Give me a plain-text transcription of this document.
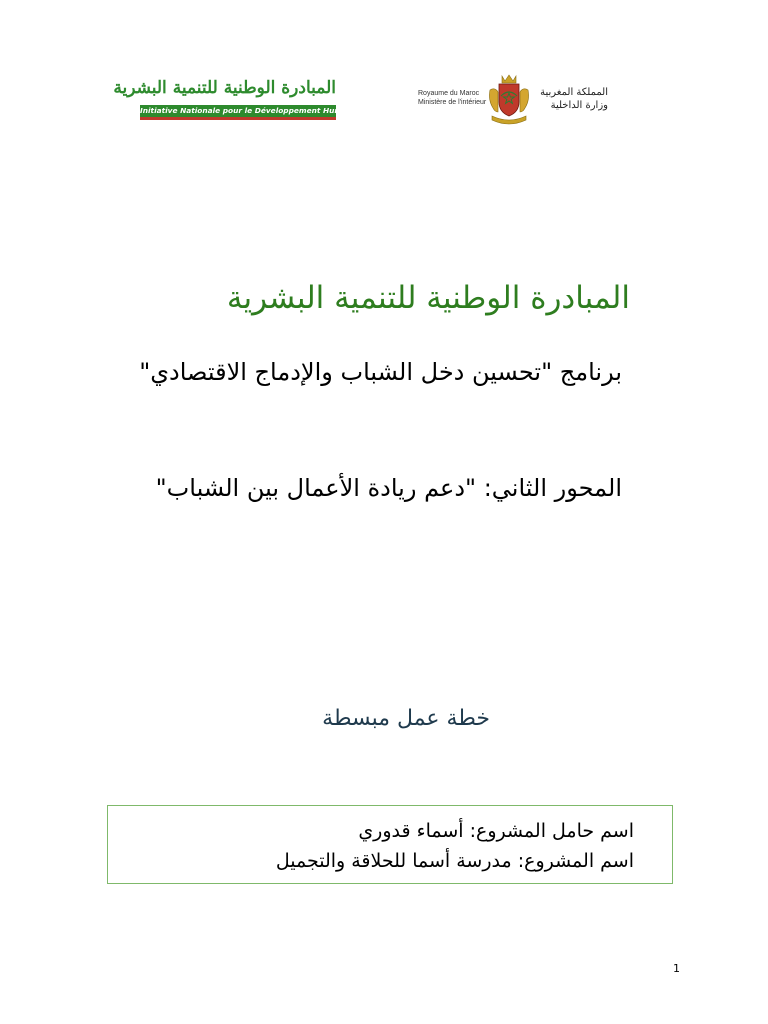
المبادرة الوطنية للتنمية البشرية
Initiative Nationale pour le Développement Humain
Royaume du Maroc
Ministère de l'intérieur
المملكة المغربية
وزارة الداخلية
المبادرة الوطنية للتنمية البشرية
برنامج "تحسين دخل الشباب والإدماج الاقتصادي"
المحور الثاني: "دعم ريادة الأعمال بين الشباب"
خطة عمل مبسطة
اسم حامل المشروع: أسماء قدوري
اسم المشروع: مدرسة أسما للحلاقة والتجميل
1
